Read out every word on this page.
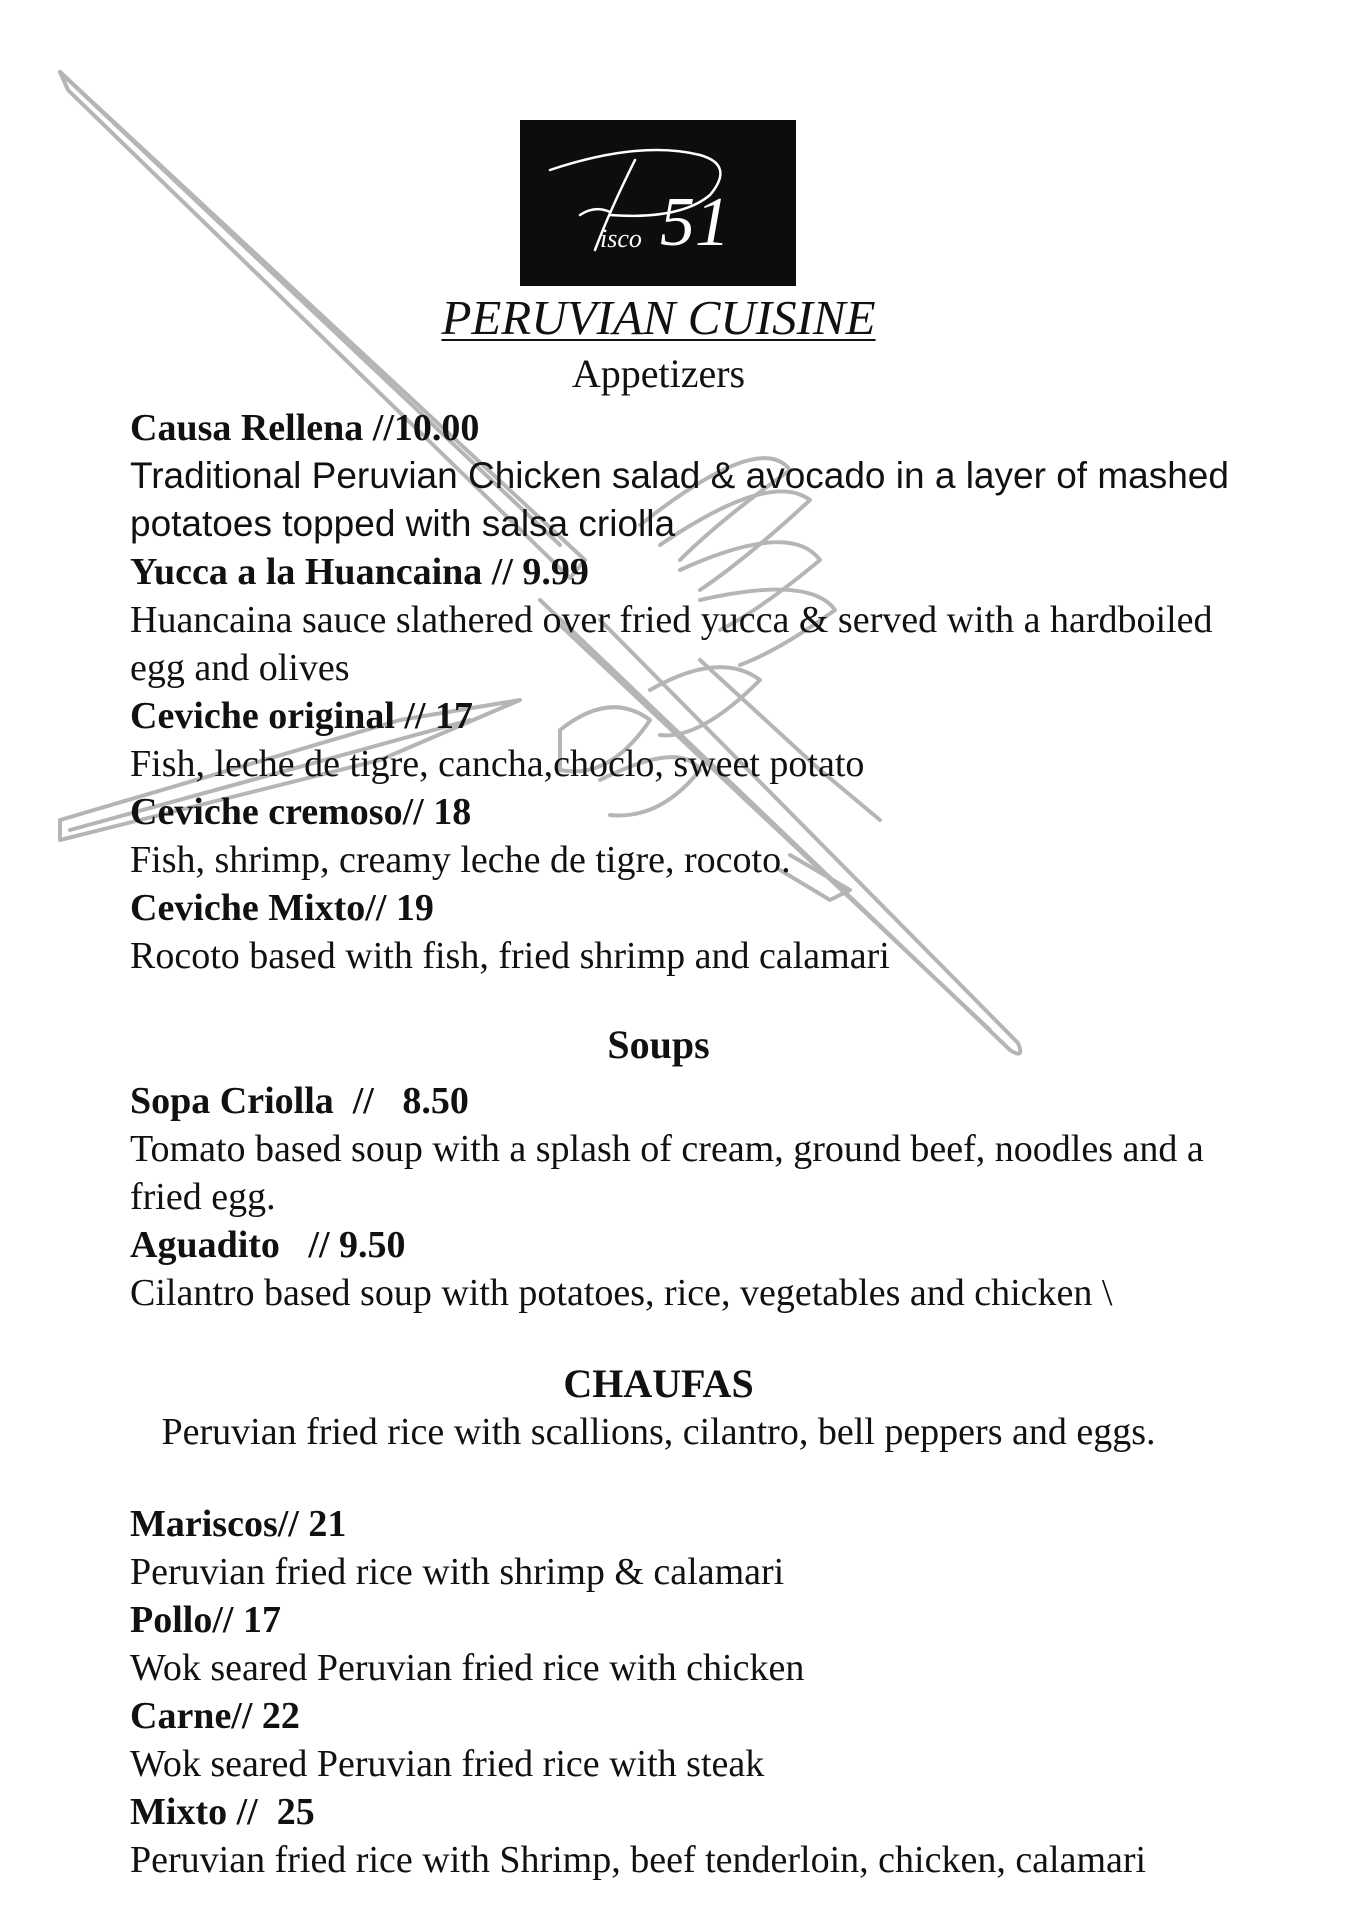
isco 51
PERUVIAN CUISINE
Appetizers
Causa Rellena //10.00
Traditional Peruvian Chicken salad & avocado in a layer of mashed potatoes topped with salsa criolla
Yucca a la Huancaina // 9.99
Huancaina sauce slathered over fried yucca & served with a hardboiled egg and olives
Ceviche original // 17
Fish, leche de tigre, cancha,choclo, sweet potato
Ceviche cremoso// 18
Fish, shrimp, creamy leche de tigre, rocoto.
Ceviche Mixto// 19
Rocoto based with fish, fried shrimp and calamari
Soups
Sopa Criolla  //   8.50
Tomato based soup with a splash of cream, ground beef, noodles and a fried egg.
Aguadito   // 9.50
Cilantro based soup with potatoes, rice, vegetables and chicken \
CHAUFAS
Peruvian fried rice with scallions, cilantro, bell peppers and eggs.
Mariscos// 21
Peruvian fried rice with shrimp & calamari
Pollo// 17
Wok seared Peruvian fried rice with chicken
Carne// 22
Wok seared Peruvian fried rice with steak
Mixto //  25
Peruvian fried rice with Shrimp, beef tenderloin, chicken, calamari
